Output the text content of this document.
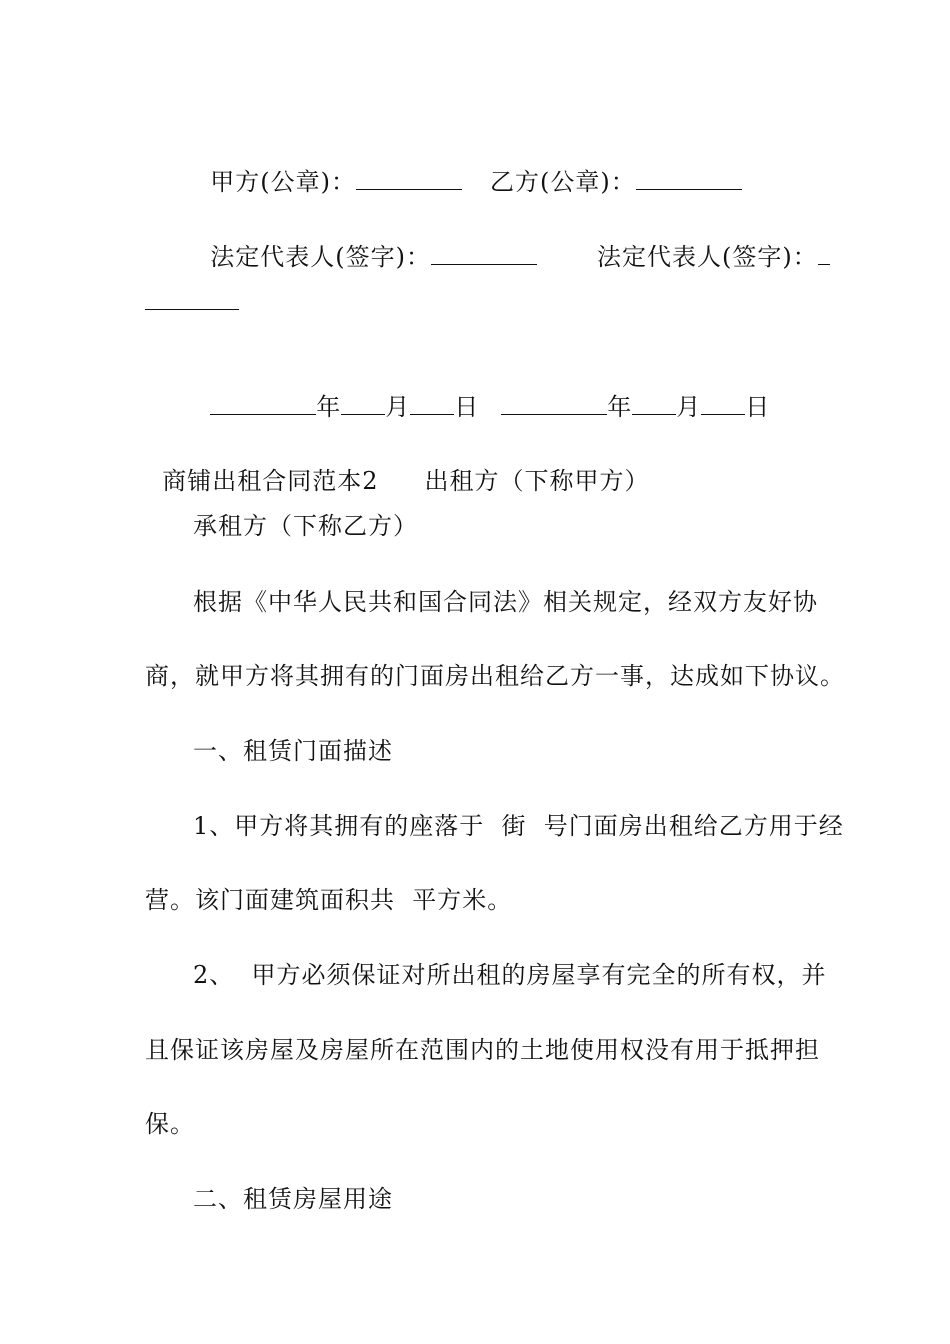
甲方(公章)：	乙方(公章)：

法定代表人(签字)：	法定代表人(签字)：

年 月 日	年 月 日

商铺出租合同范本2 出租方（下称甲方）

承租方（下称乙方）
根据《中华人民共和国合同法》相关规定，经双方友好协
商，就甲方将其拥有的门面房出租给乙方一事，达成如下协议。
一、租赁门面描述
1、甲方将其拥有的座落于  街  号门面房出租给乙方用于经
营。该门面建筑面积共  平方米。
2、  甲方必须保证对所出租的房屋享有完全的所有权，并
且保证该房屋及房屋所在范围内的土地使用权没有用于抵押担
保。
二、租赁房屋用途
